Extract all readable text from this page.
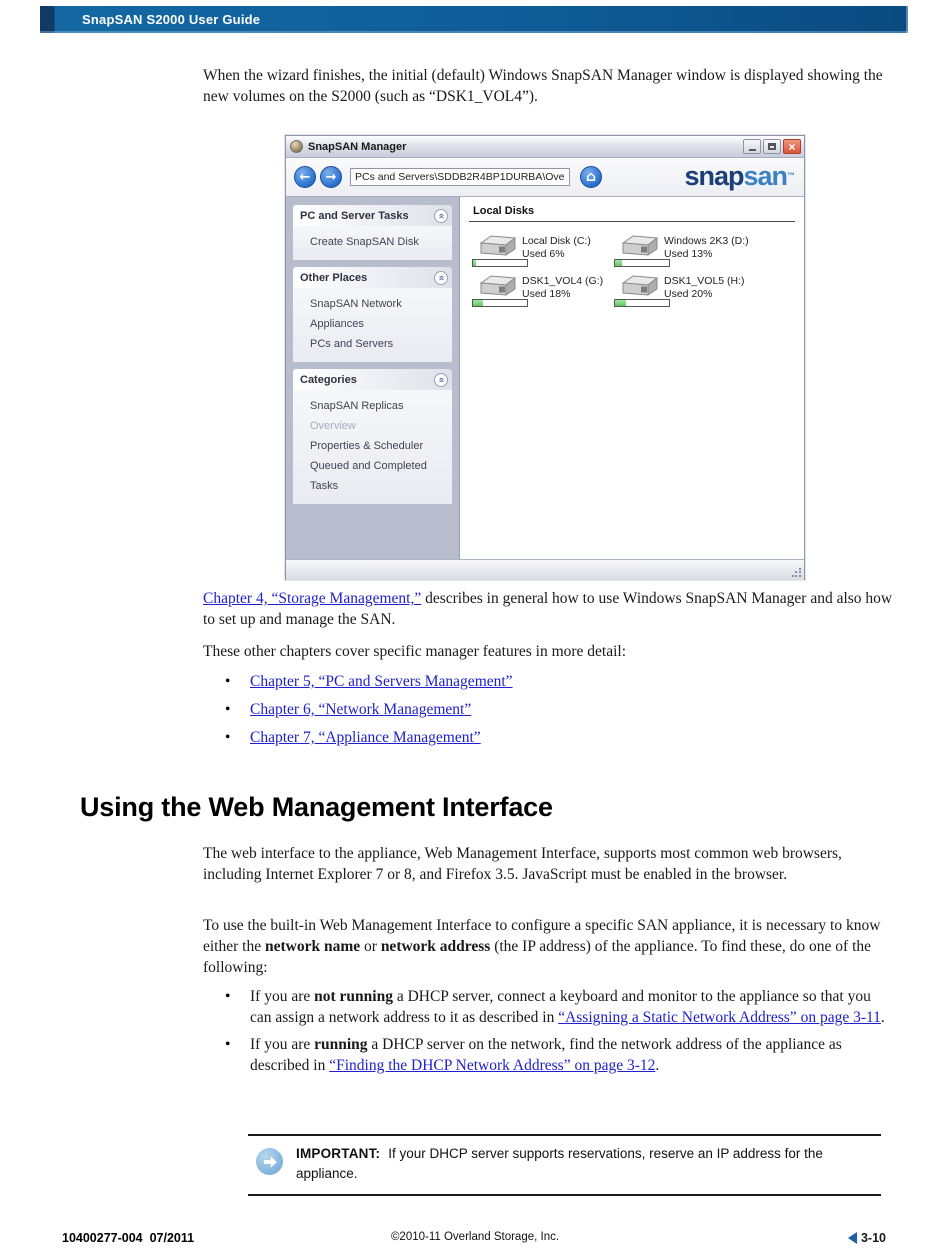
SnapSAN S2000 User Guide

When the wizard finishes, the initial (default) Windows SnapSAN Manager window is displayed showing the new volumes on the S2000 (such as “DSK1_VOL4”).

SnapSAN Manager	×
←	→
PCs and Servers\SDDB2R4BP1DURBA\Overview	⌂	snapsan™
PC and Server Tasks	«
Create SnapSAN Disk
Other Places	«
SnapSAN Network
Appliances
PCs and Servers
Categories	«
SnapSAN Replicas
Overview
Properties & Scheduler
Queued and Completed Tasks
Local Disks
Local Disk (C:)
Used 6%
Windows 2K3 (D:)
Used 13%
DSK1_VOL4 (G:)
Used 18%
DSK1_VOL5 (H:)
Used 20%

Chapter 4, “Storage Management,” describes in general how to use Windows SnapSAN Manager and also how to set up and manage the SAN.

These other chapters cover specific manager features in more detail:

• Chapter 5, “PC and Servers Management”
• Chapter 6, “Network Management”
• Chapter 7, “Appliance Management”
Using the Web Management Interface

The web interface to the appliance, Web Management Interface, supports most common web browsers, including Internet Explorer 7 or 8, and Firefox 3.5. JavaScript must be enabled in the browser.

To use the built-in Web Management Interface to configure a specific SAN appliance, it is necessary to know either the network name or network address (the IP address) of the appliance. To find these, do one of the following:

• If you are not running a DHCP server, connect a keyboard and monitor to the appliance so that you can assign a network address to it as described in “Assigning a Static Network Address” on page 3-11.
• If you are running a DHCP server on the network, find the network address of the appliance as described in “Finding the DHCP Network Address” on page 3-12.

IMPORTANT: If your DHCP server supports reservations, reserve an IP address for the appliance.

10400277-004  07/2011	©2010-11 Overland Storage, Inc.	3-10
